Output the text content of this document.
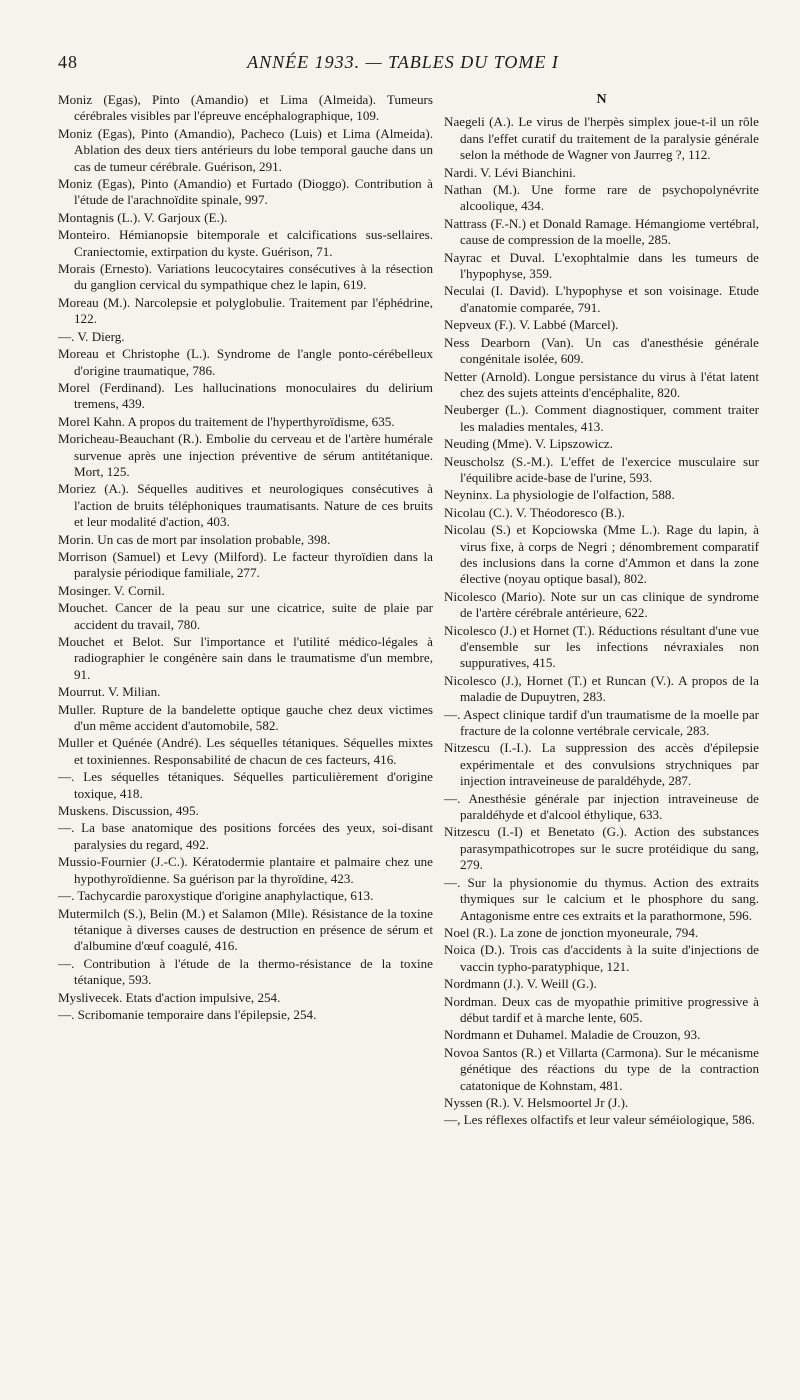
48	ANNÉE 1933. — TABLES DU TOME I

Moniz (Egas), Pinto (Amandio) et Lima (Almeida). Tumeurs cérébrales visibles par l'épreuve encéphalographique, 109.

Moniz (Egas), Pinto (Amandio), Pacheco (Luis) et Lima (Almeida). Ablation des deux tiers antérieurs du lobe temporal gauche dans un cas de tumeur cérébrale. Guérison, 291.

Moniz (Egas), Pinto (Amandio) et Furtado (Dioggo). Contribution à l'étude de l'arachnoïdite spinale, 997.

Montagnis (L.). V. Garjoux (E.).

Monteiro. Hémianopsie bitemporale et calcifications sus-sellaires. Craniectomie, extirpation du kyste. Guérison, 71.

Morais (Ernesto). Variations leucocytaires consécutives à la résection du ganglion cervical du sympathique chez le lapin, 619.

Moreau (M.). Narcolepsie et polyglobulie. Traitement par l'éphédrine, 122.

—. V. Dierg.

Moreau et Christophe (L.). Syndrome de l'angle ponto-cérébelleux d'origine traumatique, 786.

Morel (Ferdinand). Les hallucinations monoculaires du delirium tremens, 439.

Morel Kahn. A propos du traitement de l'hyperthyroïdisme, 635.

Moricheau-Beauchant (R.). Embolie du cerveau et de l'artère humérale survenue après une injection préventive de sérum antitétanique. Mort, 125.

Moriez (A.). Séquelles auditives et neurologiques consécutives à l'action de bruits téléphoniques traumatisants. Nature de ces bruits et leur modalité d'action, 403.

Morin. Un cas de mort par insolation probable, 398.

Morrison (Samuel) et Levy (Milford). Le facteur thyroïdien dans la paralysie périodique familiale, 277.

Mosinger. V. Cornil.

Mouchet. Cancer de la peau sur une cicatrice, suite de plaie par accident du travail, 780.

Mouchet et Belot. Sur l'importance et l'utilité médico-légales à radiographier le congénère sain dans le traumatisme d'un membre, 91.

Mourrut. V. Milian.

Muller. Rupture de la bandelette optique gauche chez deux victimes d'un même accident d'automobile, 582.

Muller et Quénée (André). Les séquelles tétaniques. Séquelles mixtes et toxiniennes. Responsabilité de chacun de ces facteurs, 416.

—. Les séquelles tétaniques. Séquelles particulièrement d'origine toxique, 418.

Muskens. Discussion, 495.

—. La base anatomique des positions forcées des yeux, soi-disant paralysies du regard, 492.

Mussio-Fournier (J.-C.). Kératodermie plantaire et palmaire chez une hypothyroïdienne. Sa guérison par la thyroïdine, 423.

—. Tachycardie paroxystique d'origine anaphylactique, 613.

Mutermilch (S.), Belin (M.) et Salamon (Mlle). Résistance de la toxine tétanique à diverses causes de destruction en présence de sérum et d'albumine d'œuf coagulé, 416.

—. Contribution à l'étude de la thermo-résistance de la toxine tétanique, 593.

Myslivecek. Etats d'action impulsive, 254.

—. Scribomanie temporaire dans l'épilepsie, 254.

N

Naegeli (A.). Le virus de l'herpès simplex joue-t-il un rôle dans l'effet curatif du traitement de la paralysie générale selon la méthode de Wagner von Jaurreg ?, 112.

Nardi. V. Lévi Bianchini.

Nathan (M.). Une forme rare de psychopolynévrite alcoolique, 434.

Nattrass (F.-N.) et Donald Ramage. Hémangiome vertébral, cause de compression de la moelle, 285.

Nayrac et Duval. L'exophtalmie dans les tumeurs de l'hypophyse, 359.

Neculai (I. David). L'hypophyse et son voisinage. Etude d'anatomie comparée, 791.

Nepveux (F.). V. Labbé (Marcel).

Ness Dearborn (Van). Un cas d'anesthésie générale congénitale isolée, 609.

Netter (Arnold). Longue persistance du virus à l'état latent chez des sujets atteints d'encéphalite, 820.

Neuberger (L.). Comment diagnostiquer, comment traiter les maladies mentales, 413.

Neuding (Mme). V. Lipszowicz.

Neuscholsz (S.-M.). L'effet de l'exercice musculaire sur l'équilibre acide-base de l'urine, 593.

Neyninx. La physiologie de l'olfaction, 588.

Nicolau (C.). V. Théodoresco (B.).

Nicolau (S.) et Kopciowska (Mme L.). Rage du lapin, à virus fixe, à corps de Negri ; dénombrement comparatif des inclusions dans la corne d'Ammon et dans la zone élective (noyau optique basal), 802.

Nicolesco (Mario). Note sur un cas clinique de syndrome de l'artère cérébrale antérieure, 622.

Nicolesco (J.) et Hornet (T.). Réductions résultant d'une vue d'ensemble sur les infections névraxiales non suppuratives, 415.

Nicolesco (J.), Hornet (T.) et Runcan (V.). A propos de la maladie de Dupuytren, 283.

—. Aspect clinique tardif d'un traumatisme de la moelle par fracture de la colonne vertébrale cervicale, 283.

Nitzescu (I.-I.). La suppression des accès d'épilepsie expérimentale et des convulsions strychniques par injection intraveineuse de paraldéhyde, 287.

—. Anesthésie générale par injection intraveineuse de paraldéhyde et d'alcool éthylique, 633.

Nitzescu (I.-I) et Benetato (G.). Action des substances parasympathicotropes sur le sucre protéidique du sang, 279.

—. Sur la physionomie du thymus. Action des extraits thymiques sur le calcium et le phosphore du sang. Antagonisme entre ces extraits et la parathormone, 596.

Noel (R.). La zone de jonction myoneurale, 794.

Noica (D.). Trois cas d'accidents à la suite d'injections de vaccin typho-paratyphique, 121.

Nordmann (J.). V. Weill (G.).

Nordman. Deux cas de myopathie primitive progressive à début tardif et à marche lente, 605.

Nordmann et Duhamel. Maladie de Crouzon, 93.

Novoa Santos (R.) et Villarta (Carmona). Sur le mécanisme génétique des réactions du type de la contraction catatonique de Kohnstam, 481.

Nyssen (R.). V. Helsmoortel Jr (J.).

—, Les réflexes olfactifs et leur valeur séméiologique, 586.
